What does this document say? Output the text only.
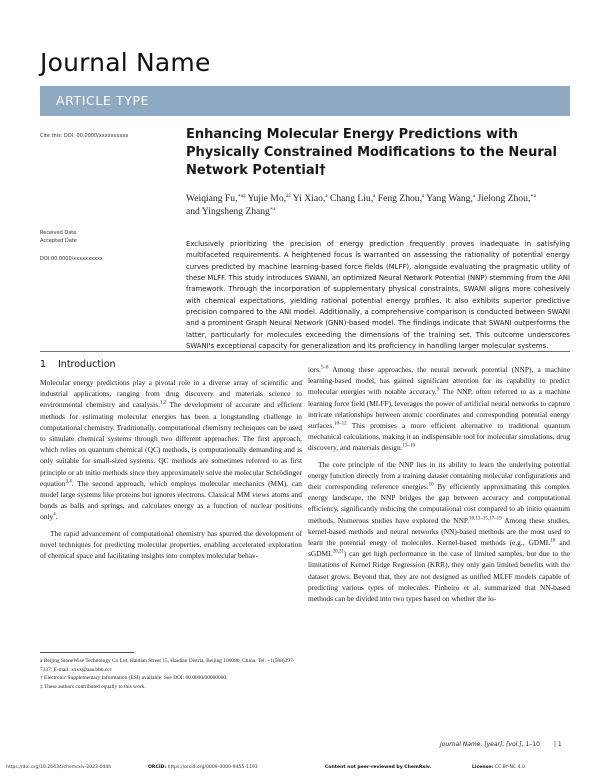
Journal Name
ARTICLE TYPE
Cite this: DOI: 00.0000/xxxxxxxxxx
Received Date
Accepted Date
DOI:00.0000/xxxxxxxxxx
Enhancing Molecular Energy Predictions with Physically Constrained Modifications to the Neural Network Potential†
Weiqiang Fu,$^{∗a\ddagger}$ Yujie Mo,$^{a\ddagger}$ Yi Xiao,$^a$ Chang Liu,$^a$ Feng Zhou,$^a$ Yang Wang,$^a$ Jielong Zhou,$^{∗a}$ and Yingsheng Zhang$^{∗a}$
Exclusively prioritizing the precision of energy prediction frequently proves inadequate in satisfying multifaceted requirements. A heightened focus is warranted on assessing the rationality of potential energy curves predicted by machine learning-based force fields (MLFF), alongside evaluating the pragmatic utility of these MLFF. This study introduces SWANI, an optimized Neural Network Potential (NNP) stemming from the ANI framework. Through the incorporation of supplementary physical constraints, SWANI aligns more cohesively with chemical expectations, yielding rational potential energy profiles. It also exhibits superior predictive precision compared to the ANI model. Additionally, a comprehensive comparison is conducted between SWANI and a prominent Graph Neural Network (GNN)-based model. The findings indicate that SWANI outperforms the latter, particularly for molecules exceeding the dimensions of the training set. This outcome underscores SWANI's exceptional capacity for generalization and its proficiency in handling larger molecular systems.
1 Introduction

Molecular energy predictions play a pivotal role in a diverse array of scientific and industrial applications, ranging from drug discovery and materials science to environmental chemistry and catalysis.$^{1,2}$ The development of accurate and efficient methods for estimating molecular energies has been a longstanding challenge in computational chemistry. Traditionally, computational chemistry techniques can be used to simulate chemical systems through two different approaches. The first approach, which relies on quantum chemical (QC) methods, is computationally demanding and is only suitable for small-sized systems. QC methods are sometimes referred to as first principle or ab initio methods since they approximately solve the molecular Schrödinger equation$^{3,4}$. The second approach, which employs molecular mechanics (MM), can model large systems like proteins but ignores electrons. Classical MM views atoms and bonds as balls and springs, and calculates energy as a function of nuclear positions only$^4$.

The rapid advancement of computational chemistry has spurred the development of novel techniques for predicting molecular properties, enabling accelerated exploration of chemical space and facilitating insights into complex molecular behav-

iors.$^{5-8}$ Among these approaches, the neural network potential (NNP), a machine learning-based model, has gained significant attention for its capability to predict molecular energies with notable accuracy.$^9$ The NNP, often referred to as a machine learning force field (MLFF), leverages the power of artificial neural networks to capture intricate relationships between atomic coordinates and corresponding potential energy surfaces.$^{10-12}$ This promises a more efficient alternative to traditional quantum mechanical calculations, making it an indispensable tool for molecular simulations, drug discovery, and materials design.$^{13-16}$

The core principle of the NNP lies in its ability to learn the underlying potential energy function directly from a training dataset containing molecular configurations and their corresponding reference energies.$^{10}$ By efficiently approximating this complex energy landscape, the NNP bridges the gap between accuracy and computational efficiency, significantly reducing the computational cost compared to ab initio quantum methods. Numerous studies have explored the NNP.$^{10,13-15,17-19}$ Among these studies, kernel-based methods and neural networks (NN)-based methods are the most used to learn the potential enegy of molecules. Kernel-based methods (e.g., GDML$^{18}$ and sGDML$^{20,21}$) can get high performance in the case of limited samples, but due to the limitations of Kernel Ridge Regression (KRR), they only gain limited benefits with the dataset grows. Beyond that, they are not designed as unified MLFF models capable of predicting various types of molecules. Pinheiro et al. summarized that NN-based methods can be divided into two types based on whether the lo-

a Beijing StoneWise Technology Co Ltd, Haidian Street 15, Haidian Distria, Beijing 100080, China. Tel: +1(508)397-7337; E-mail: xxxx@aaa.bbb.ccc

† Electronic Supplementary Information (ESI) available: See DOI: 00.0000/00000000.

‡ These authors contributed equally to this work.

Journal Name, [year], [vol.], 1–10 | 1
https://doi.org/10.26434/chemrxiv-2023-0d4h	ORCID: https://orcid.org/0009-0000-9455-1193	Content not peer-reviewed by ChemRxiv.	License: CC BY-NC 4.0
